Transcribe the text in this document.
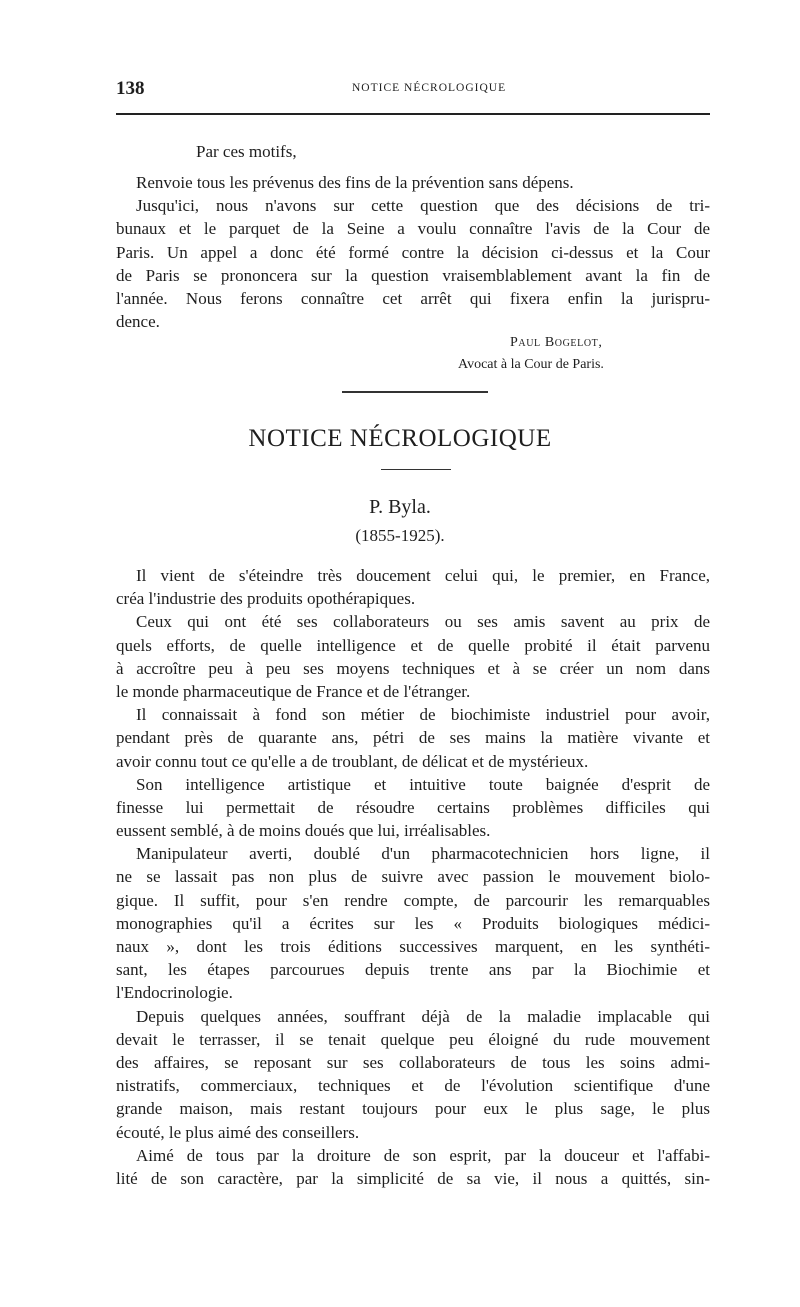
138	NOTICE NÉCROLOGIQUE
Par ces motifs,
Renvoie tous les prévenus des fins de la prévention sans dépens.
Jusqu'ici, nous n'avons sur cette question que des décisions de tri-
bunaux et le parquet de la Seine a voulu connaître l'avis de la Cour de
Paris. Un appel a donc été formé contre la décision ci-dessus et la Cour
de Paris se prononcera sur la question vraisemblablement avant la fin de
l'année. Nous ferons connaître cet arrêt qui fixera enfin la jurispru-
dence.
Paul Bogelot,
Avocat à la Cour de Paris.
NOTICE NÉCROLOGIQUE
P. Byla.
(1855-1925).
Il vient de s'éteindre très doucement celui qui, le premier, en France,
créa l'industrie des produits opothérapiques.
Ceux qui ont été ses collaborateurs ou ses amis savent au prix de
quels efforts, de quelle intelligence et de quelle probité il était parvenu
à accroître peu à peu ses moyens techniques et à se créer un nom dans
le monde pharmaceutique de France et de l'étranger.
Il connaissait à fond son métier de biochimiste industriel pour avoir,
pendant près de quarante ans, pétri de ses mains la matière vivante et
avoir connu tout ce qu'elle a de troublant, de délicat et de mystérieux.
Son intelligence artistique et intuitive toute baignée d'esprit de
finesse lui permettait de résoudre certains problèmes difficiles qui
eussent semblé, à de moins doués que lui, irréalisables.
Manipulateur averti, doublé d'un pharmacotechnicien hors ligne, il
ne se lassait pas non plus de suivre avec passion le mouvement biolo-
gique. Il suffit, pour s'en rendre compte, de parcourir les remarquables
monographies qu'il a écrites sur les « Produits biologiques médici-
naux », dont les trois éditions successives marquent, en les synthéti-
sant, les étapes parcourues depuis trente ans par la Biochimie et
l'Endocrinologie.
Depuis quelques années, souffrant déjà de la maladie implacable qui
devait le terrasser, il se tenait quelque peu éloigné du rude mouvement
des affaires, se reposant sur ses collaborateurs de tous les soins admi-
nistratifs, commerciaux, techniques et de l'évolution scientifique d'une
grande maison, mais restant toujours pour eux le plus sage, le plus
écouté, le plus aimé des conseillers.
Aimé de tous par la droiture de son esprit, par la douceur et l'affabi-
lité de son caractère, par la simplicité de sa vie, il nous a quittés, sin-
